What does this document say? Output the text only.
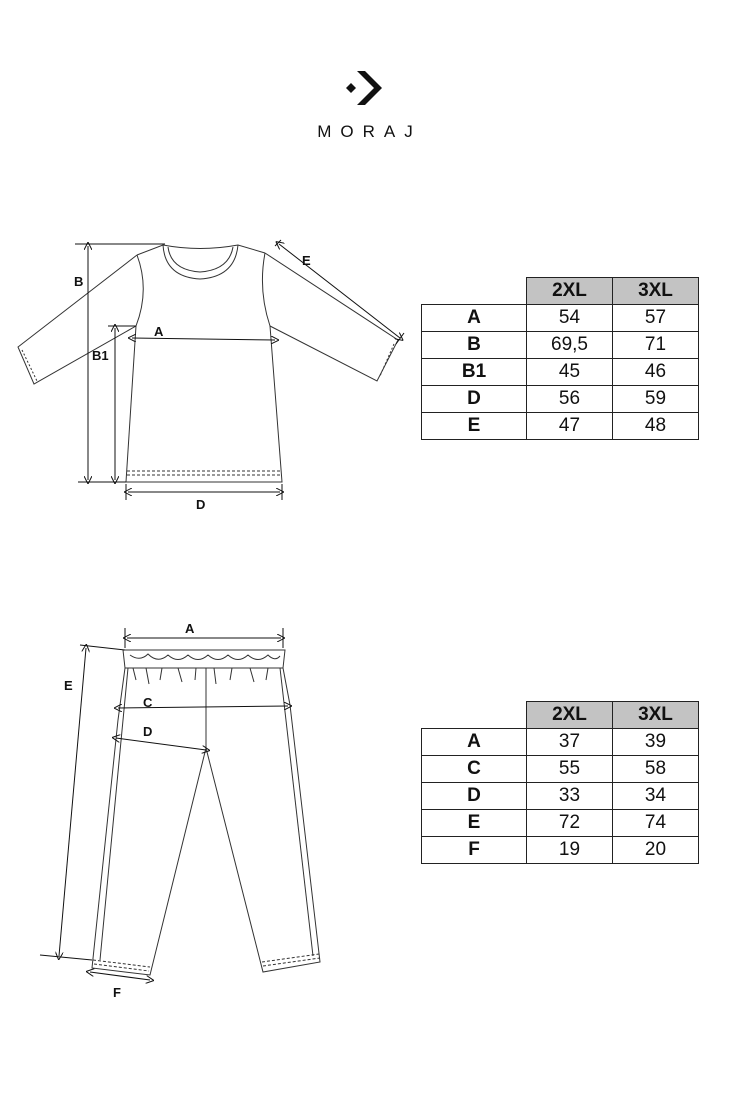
MORAJ
B
B1
A
D
E
	2XL	3XL
A	54	57
B	69,5	71
B1	45	46
D	56	59
E	47	48
A
E
C
D
F
	2XL	3XL
A	37	39
C	55	58
D	33	34
E	72	74
F	19	20
